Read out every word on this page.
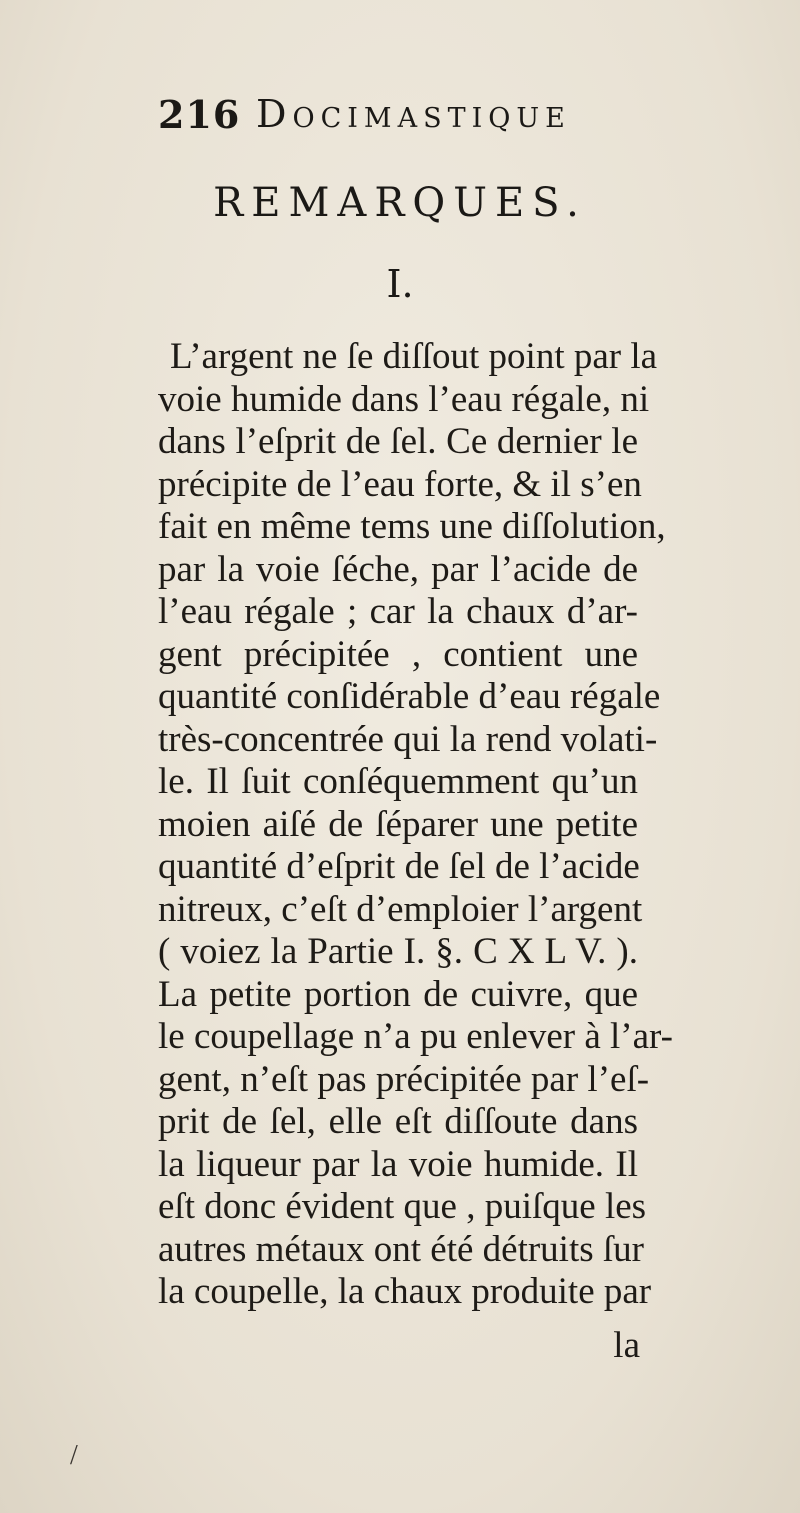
216 Docimastique
REMARQUES.
I.
L’argent ne ſe diſſout point par la
voie humide dans l’eau régale, ni
dans l’eſprit de ſel. Ce dernier le
précipite de l’eau forte, & il s’en
fait en même tems une diſſolution,
par la voie ſéche, par l’acide de
l’eau régale ; car la chaux d’ar-
gent précipitée , contient une
quantité conſidérable d’eau régale
très-concentrée qui la rend volati-
le. Il ſuit conſéquemment qu’un
moien aiſé de ſéparer une petite
quantité d’eſprit de ſel de l’acide
nitreux, c’eſt d’emploier l’argent
( voiez la Partie I. §. C X L V. ).
La petite portion de cuivre, que
le coupellage n’a pu enlever à l’ar-
gent, n’eſt pas précipitée par l’eſ-
prit de ſel, elle eſt diſſoute dans
la liqueur par la voie humide. Il
eſt donc évident que , puiſque les
autres métaux ont été détruits ſur
la coupelle, la chaux produite par
la
/
